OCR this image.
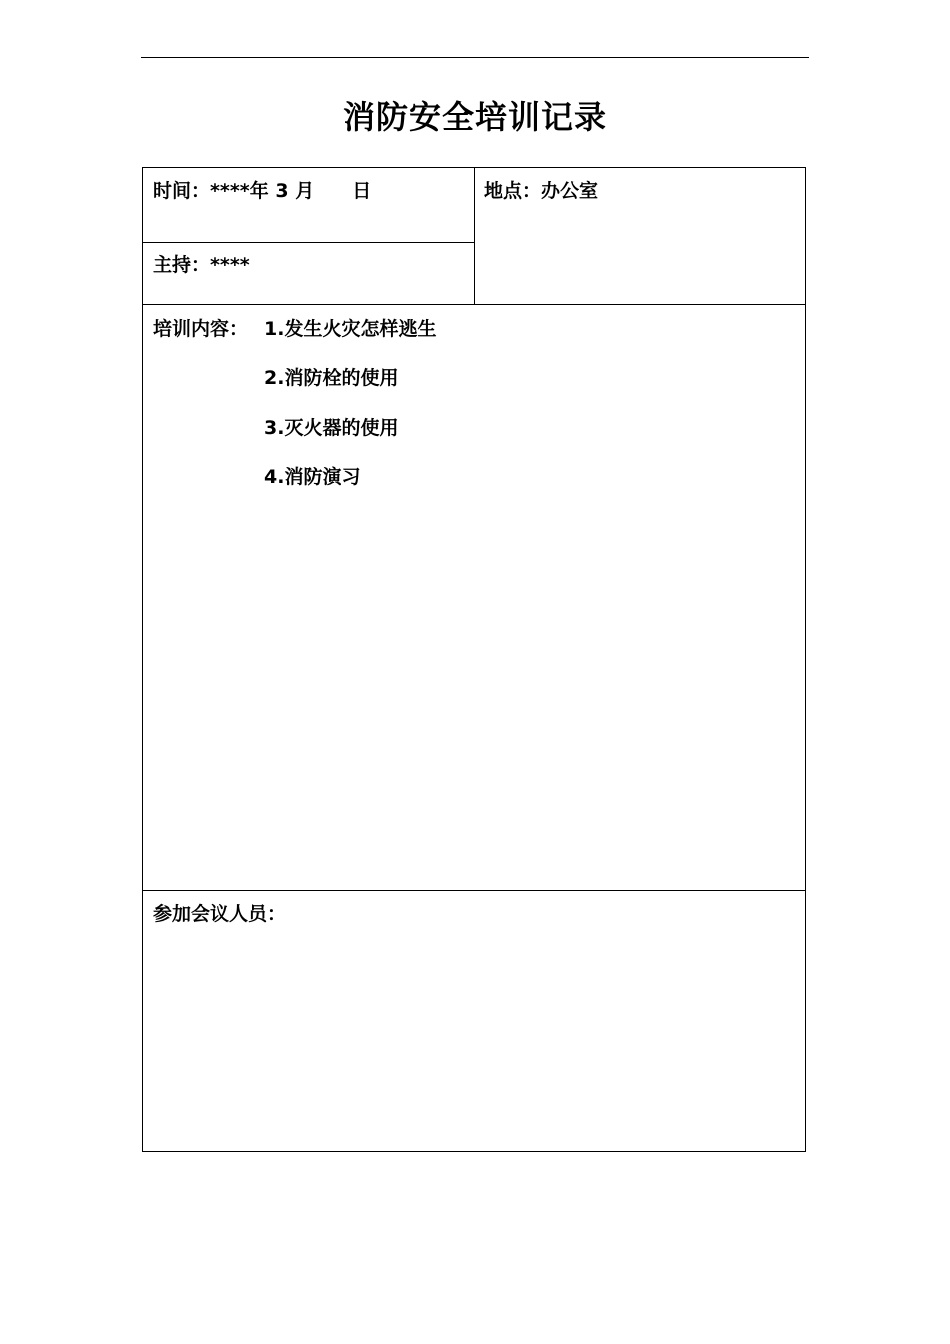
消防安全培训记录
时间：****年 3 月　　日	地点：办公室
主持：****
培训内容： 1.发生火灾怎样逃生
2.消防栓的使用
3.灭火器的使用
4.消防演习
参加会议人员：
